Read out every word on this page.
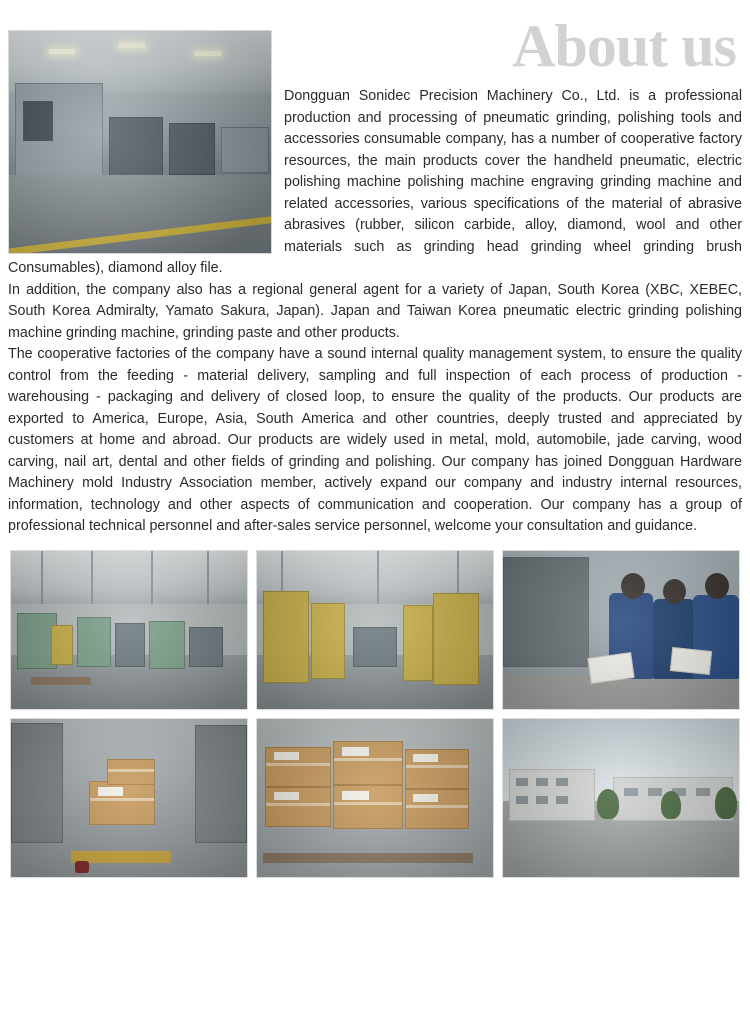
About us

Dongguan Sonidec Precision Machinery Co., Ltd. is a professional production and processing of pneumatic grinding, polishing tools and accessories consumable company, has a number of cooperative factory resources, the main products cover the handheld pneumatic, electric polishing machine polishing machine engraving grinding machine and related accessories, various specifications of the material of abrasive abrasives (rubber, silicon carbide, alloy, diamond, wool and other materials such as grinding head grinding wheel grinding brush Consumables), diamond alloy file.

In addition, the company also has a regional general agent for a variety of Japan, South Korea (XBC, XEBEC, South Korea Admiralty, Yamato Sakura, Japan). Japan and Taiwan Korea pneumatic electric grinding polishing machine grinding machine, grinding paste and other products.

The cooperative factories of the company have a sound internal quality management system, to ensure the quality control from the feeding - material delivery, sampling and full inspection of each process of production - warehousing - packaging and delivery of closed loop, to ensure the quality of the products. Our products are exported to America, Europe, Asia, South America and other countries, deeply trusted and appreciated by customers at home and abroad. Our products are widely used in metal, mold, automobile, jade carving, wood carving, nail art, dental and other fields of grinding and polishing. Our company has joined Dongguan Hardware Machinery mold Industry Association member, actively expand our company and industry internal resources, information, technology and other aspects of communication and cooperation. Our company has a group of professional technical personnel and after-sales service personnel, welcome your consultation and guidance.
